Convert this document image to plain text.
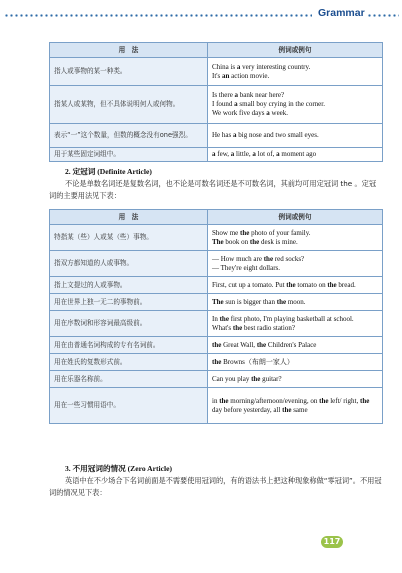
Grammar
用　法	例词或例句
指人或事物的某一种类。	China is a very interesting country.
It's an action movie.
指某人或某物，但不具体说明何人或何物。	Is there a bank near here?
I found a small boy crying in the corner.
We work five days a week.
表示“一”这个数量，但数的概念没有one强烈。	He has a big nose and two small eyes.
用于某些固定词组中。	a few, a little, a lot of, a moment ago
2. 定冠词 (Definite Article)
不论是单数名词还是复数名词，也不论是可数名词还是不可数名词，其前均可用定冠词 the 。定冠词的主要用法见下表：
用　法	例词或例句
特指某（些）人或某（些）事物。	Show me the photo of your family.
The book on the desk is mine.
指双方都知道的人或事物。	— How much are the red socks?
— They're eight dollars.
指上文提过的人或事物。	First, cut up a tomato. Put the tomato on the bread.
用在世界上独一无二的事物前。	The sun is bigger than the moon.
用在序数词和形容词最高级前。	In the first photo, I'm playing basketball at school.
What's the best radio station?
用在由普通名词构成的专有名词前。	the Great Wall, the Children's Palace
用在姓氏的复数形式前。	the Browns（布朗一家人）
用在乐器名称前。	Can you play the guitar?
用在一些习惯用语中。	in the morning/afternoon/evening, on the left/ right, the day before yesterday, all the same
3. 不用冠词的情况 (Zero Article)
英语中在不少场合下名词前面是不需要使用冠词的，有的语法书上把这种现象称做“零冠词”。不用冠词的情况见下表：
117
